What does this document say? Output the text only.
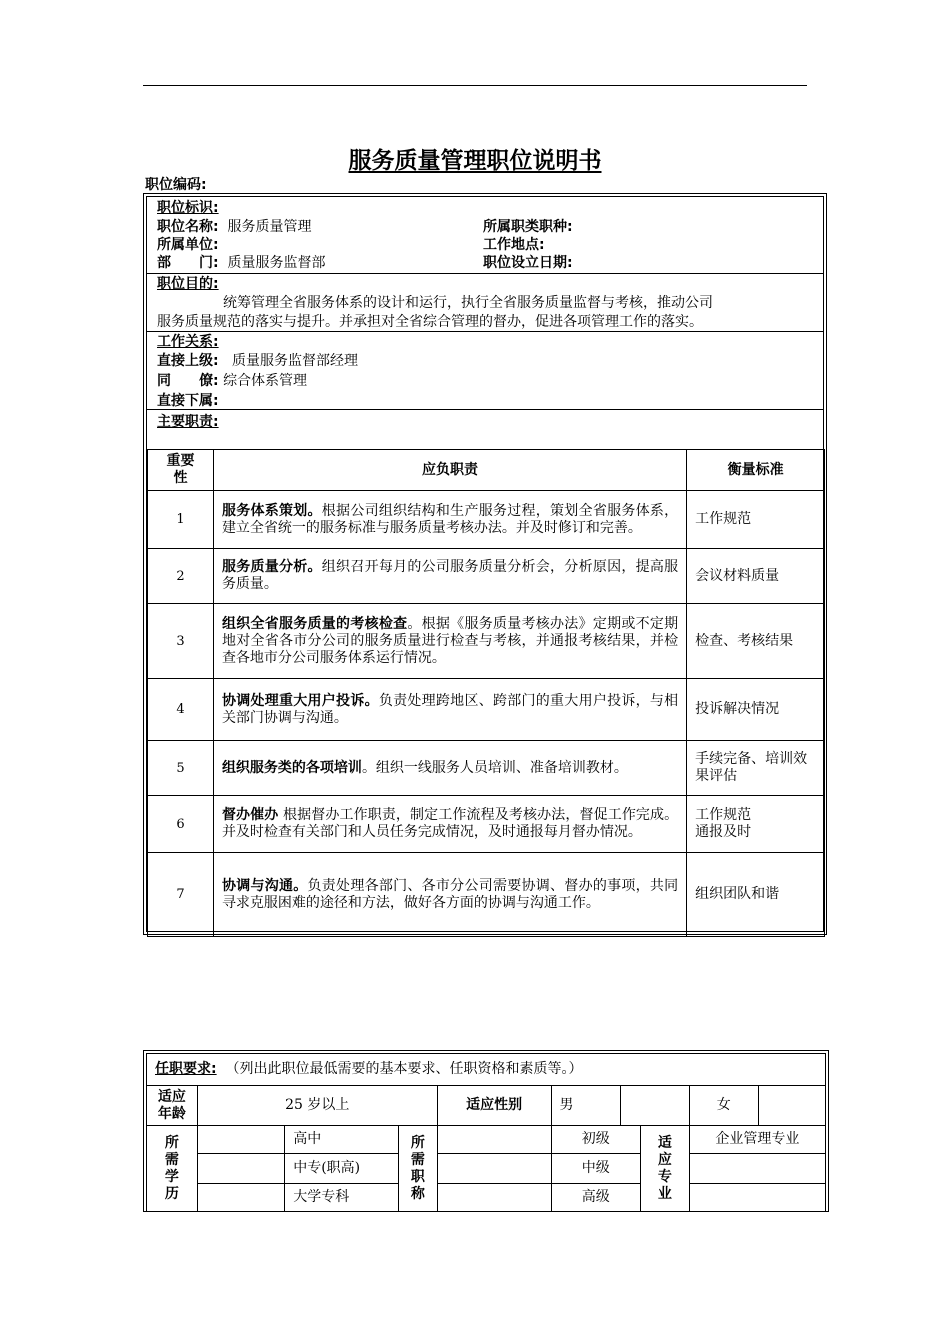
服务质量管理职位说明书
职位编码:
职位标识:
职位名称: 服务质量管理	所属职类职种:
所属单位:	工作地点:
部　　门: 质量服务监督部	职位设立日期:
职位目的:
统筹管理全省服务体系的设计和运行，执行全省服务质量监督与考核，推动公司
服务质量规范的落实与提升。并承担对全省综合管理的督办，促进各项管理工作的落实。
工作关系:
直接上级: 质量服务监督部经理
同　　僚: 综合体系管理
直接下属:
主要职责:
重要性	应负职责	衡量标准
1	服务体系策划。根据公司组织结构和生产服务过程，策划全省服务体系，建立全省统一的服务标准与服务质量考核办法。并及时修订和完善。	工作规范
2	服务质量分析。组织召开每月的公司服务质量分析会，分析原因，提高服务质量。	会议材料质量
3	组织全省服务质量的考核检查。根据《服务质量考核办法》定期或不定期地对全省各市分公司的服务质量进行检查与考核，并通报考核结果，并检查各地市分公司服务体系运行情况。	检查、考核结果
4	协调处理重大用户投诉。负责处理跨地区、跨部门的重大用户投诉，与相关部门协调与沟通。	投诉解决情况
5	组织服务类的各项培训。组织一线服务人员培训、准备培训教材。	手续完备、培训效果评估
6	督办催办 根据督办工作职责，制定工作流程及考核办法，督促工作完成。并及时检查有关部门和人员任务完成情况，及时通报每月督办情况。	工作规范
通报及时
7	协调与沟通。负责处理各部门、各市分公司需要协调、督办的事项，共同寻求克服困难的途径和方法，做好各方面的协调与沟通工作。	组织团队和谐
任职要求: （列出此职位最低需要的基本要求、任职资格和素质等。）									

适应年龄	25 岁以上			适应性别	男			女	

所需学历		高中	所需职称		初级		适应专业	企业管理专业	
		中专(职高)			中级				
		大学专科			高级				
